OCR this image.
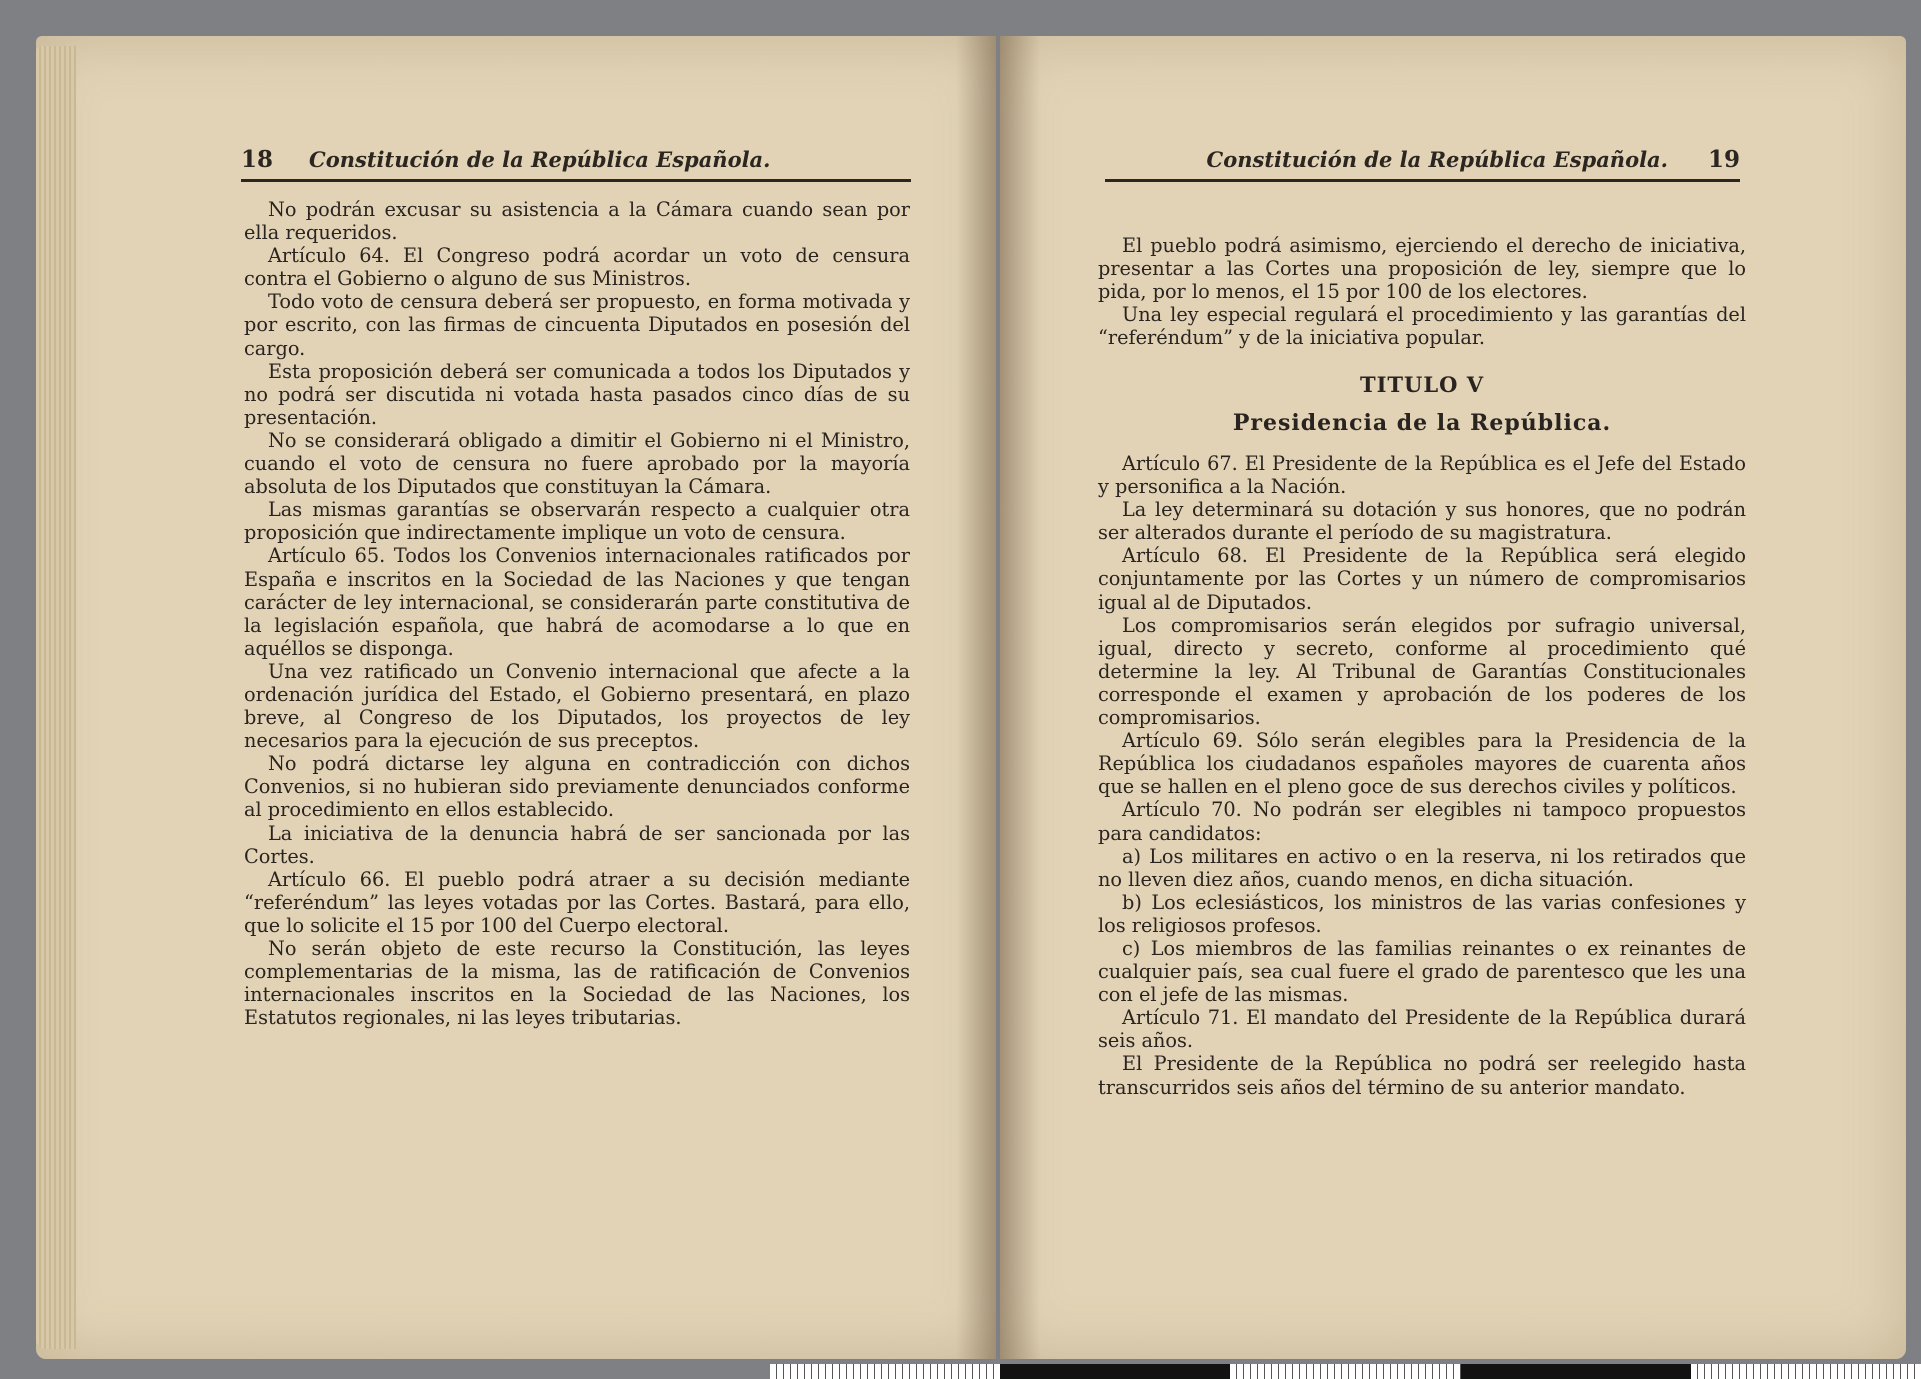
18 Constitución de la República Española.

No podrán excusar su asistencia a la Cámara cuando sean por ella requeridos.

Artículo 64. El Congreso podrá acordar un voto de censura contra el Gobierno o alguno de sus Ministros.

Todo voto de censura deberá ser propuesto, en forma motivada y por escrito, con las firmas de cincuenta Diputados en posesión del cargo.

Esta proposición deberá ser comunicada a todos los Diputados y no podrá ser discutida ni votada hasta pasados cinco días de su presentación.

No se considerará obligado a dimitir el Gobierno ni el Ministro, cuando el voto de censura no fuere aprobado por la mayoría absoluta de los Diputados que constituyan la Cámara.

Las mismas garantías se observarán respecto a cualquier otra proposición que indirectamente implique un voto de censura.

Artículo 65. Todos los Convenios internacionales ratificados por España e inscritos en la Sociedad de las Naciones y que tengan carácter de ley internacional, se considerarán parte constitutiva de la legislación española, que habrá de acomodarse a lo que en aquéllos se disponga.

Una vez ratificado un Convenio internacional que afecte a la ordenación jurídica del Estado, el Gobierno presentará, en plazo breve, al Congreso de los Diputados, los proyectos de ley necesarios para la ejecución de sus preceptos.

No podrá dictarse ley alguna en contradicción con dichos Convenios, si no hubieran sido previamente denunciados conforme al procedimiento en ellos establecido.

La iniciativa de la denuncia habrá de ser sancionada por las Cortes.

Artículo 66. El pueblo podrá atraer a su decisión mediante “referéndum” las leyes votadas por las Cortes. Bastará, para ello, que lo solicite el 15 por 100 del Cuerpo electoral.

No serán objeto de este recurso la Constitución, las leyes complementarias de la misma, las de ratificación de Convenios internacionales inscritos en la Sociedad de las Naciones, los Estatutos regionales, ni las leyes tributarias.

Constitución de la República Española. 19

El pueblo podrá asimismo, ejerciendo el derecho de iniciativa, presentar a las Cortes una proposición de ley, siempre que lo pida, por lo menos, el 15 por 100 de los electores.

Una ley especial regulará el procedimiento y las garantías del “referéndum” y de la iniciativa popular.

TITULO V
Presidencia de la República.

Artículo 67. El Presidente de la República es el Jefe del Estado y personifica a la Nación.

La ley determinará su dotación y sus honores, que no podrán ser alterados durante el período de su magistratura.

Artículo 68. El Presidente de la República será elegido conjuntamente por las Cortes y un número de compromisarios igual al de Diputados.

Los compromisarios serán elegidos por sufragio universal, igual, directo y secreto, conforme al procedimiento qué determine la ley. Al Tribunal de Garantías Constitucionales corresponde el examen y aprobación de los poderes de los compromisarios.

Artículo 69. Sólo serán elegibles para la Presidencia de la República los ciudadanos españoles mayores de cuarenta años que se hallen en el pleno goce de sus derechos civiles y políticos.

Artículo 70. No podrán ser elegibles ni tampoco propuestos para candidatos:

a) Los militares en activo o en la reserva, ni los retirados que no lleven diez años, cuando menos, en dicha situación.

b) Los eclesiásticos, los ministros de las varias confesiones y los religiosos profesos.

c) Los miembros de las familias reinantes o ex reinantes de cualquier país, sea cual fuere el grado de parentesco que les una con el jefe de las mismas.

Artículo 71. El mandato del Presidente de la República durará seis años.

El Presidente de la República no podrá ser reelegido hasta transcurridos seis años del término de su anterior mandato.
